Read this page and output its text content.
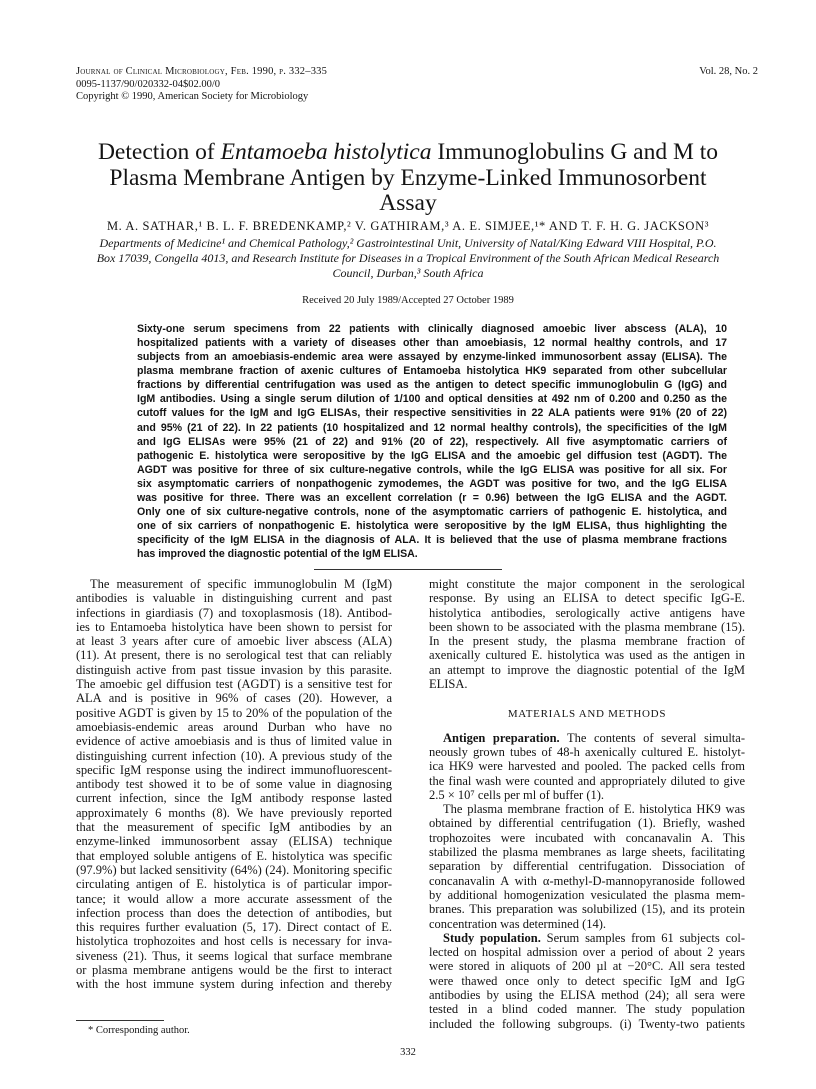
Journal of Clinical Microbiology, Feb. 1990, p. 332–335
0095-1137/90/020332-04$02.00/0
Copyright © 1990, American Society for Microbiology
Vol. 28, No. 2
Detection of Entamoeba histolytica Immunoglobulins G and M to Plasma Membrane Antigen by Enzyme-Linked Immunosorbent Assay
M. A. SATHAR,¹ B. L. F. BREDENKAMP,² V. GATHIRAM,³ A. E. SIMJEE,¹* AND T. F. H. G. JACKSON³
Departments of Medicine¹ and Chemical Pathology,² Gastrointestinal Unit, University of Natal/King Edward VIII Hospital, P.O. Box 17039, Congella 4013, and Research Institute for Diseases in a Tropical Environment of the South African Medical Research Council, Durban,³ South Africa
Received 20 July 1989/Accepted 27 October 1989
Sixty-one serum specimens from 22 patients with clinically diagnosed amoebic liver abscess (ALA), 10
hospitalized patients with a variety of diseases other than amoebiasis, 12 normal healthy controls, and 17
subjects from an amoebiasis-endemic area were assayed by enzyme-linked immunosorbent assay (ELISA). The
plasma membrane fraction of axenic cultures of Entamoeba histolytica HK9 separated from other subcellular
fractions by differential centrifugation was used as the antigen to detect specific immunoglobulin G (IgG) and
IgM antibodies. Using a single serum dilution of 1/100 and optical densities at 492 nm of 0.200 and 0.250 as the
cutoff values for the IgM and IgG ELISAs, their respective sensitivities in 22 ALA patients were 91% (20 of 22)
and 95% (21 of 22). In 22 patients (10 hospitalized and 12 normal healthy controls), the specificities of the IgM
and IgG ELISAs were 95% (21 of 22) and 91% (20 of 22), respectively. All five asymptomatic carriers of
pathogenic E. histolytica were seropositive by the IgG ELISA and the amoebic gel diffusion test (AGDT). The
AGDT was positive for three of six culture-negative controls, while the IgG ELISA was positive for all six. For
six asymptomatic carriers of nonpathogenic zymodemes, the AGDT was positive for two, and the IgG ELISA
was positive for three. There was an excellent correlation (r = 0.96) between the IgG ELISA and the AGDT.
Only one of six culture-negative controls, none of the asymptomatic carriers of pathogenic E. histolytica, and
one of six carriers of nonpathogenic E. histolytica were seropositive by the IgM ELISA, thus highlighting the
specificity of the IgM ELISA in the diagnosis of ALA. It is believed that the use of plasma membrane fractions
has improved the diagnostic potential of the IgM ELISA.
The measurement of specific immunoglobulin M (IgM)
antibodies is valuable in distinguishing current and past
infections in giardiasis (7) and toxoplasmosis (18). Antibod-
ies to Entamoeba histolytica have been shown to persist for
at least 3 years after cure of amoebic liver abscess (ALA)
(11). At present, there is no serological test that can reliably
distinguish active from past tissue invasion by this parasite.
The amoebic gel diffusion test (AGDT) is a sensitive test for
ALA and is positive in 96% of cases (20). However, a
positive AGDT is given by 15 to 20% of the population of the
amoebiasis-endemic areas around Durban who have no
evidence of active amoebiasis and is thus of limited value in
distinguishing current infection (10). A previous study of the
specific IgM response using the indirect immunofluorescent-
antibody test showed it to be of some value in diagnosing
current infection, since the IgM antibody response lasted
approximately 6 months (8). We have previously reported
that the measurement of specific IgM antibodies by an
enzyme-linked immunosorbent assay (ELISA) technique
that employed soluble antigens of E. histolytica was specific
(97.9%) but lacked sensitivity (64%) (24). Monitoring specific
circulating antigen of E. histolytica is of particular impor-
tance; it would allow a more accurate assessment of the
infection process than does the detection of antibodies, but
this requires further evaluation (5, 17). Direct contact of E.
histolytica trophozoites and host cells is necessary for inva-
siveness (21). Thus, it seems logical that surface membrane
or plasma membrane antigens would be the first to interact
with the host immune system during infection and thereby
might constitute the major component in the serological
response. By using an ELISA to detect specific IgG-E.
histolytica antibodies, serologically active antigens have
been shown to be associated with the plasma membrane (15).
In the present study, the plasma membrane fraction of
axenically cultured E. histolytica was used as the antigen in
an attempt to improve the diagnostic potential of the IgM
ELISA.
MATERIALS AND METHODS
Antigen preparation. The contents of several simulta-
neously grown tubes of 48-h axenically cultured E. histolyt-
ica HK9 were harvested and pooled. The packed cells from
the final wash were counted and appropriately diluted to give
2.5 × 10⁷ cells per ml of buffer (1).
The plasma membrane fraction of E. histolytica HK9 was
obtained by differential centrifugation (1). Briefly, washed
trophozoites were incubated with concanavalin A. This
stabilized the plasma membranes as large sheets, facilitating
separation by differential centrifugation. Dissociation of
concanavalin A with α-methyl-D-mannopyranoside followed
by additional homogenization vesiculated the plasma mem-
branes. This preparation was solubilized (15), and its protein
concentration was determined (14).
Study population. Serum samples from 61 subjects col-
lected on hospital admission over a period of about 2 years
were stored in aliquots of 200 µl at −20°C. All sera tested
were thawed once only to detect specific IgM and IgG
antibodies by using the ELISA method (24); all sera were
tested in a blind coded manner. The study population
included the following subgroups. (i) Twenty-two patients
* Corresponding author.
332
